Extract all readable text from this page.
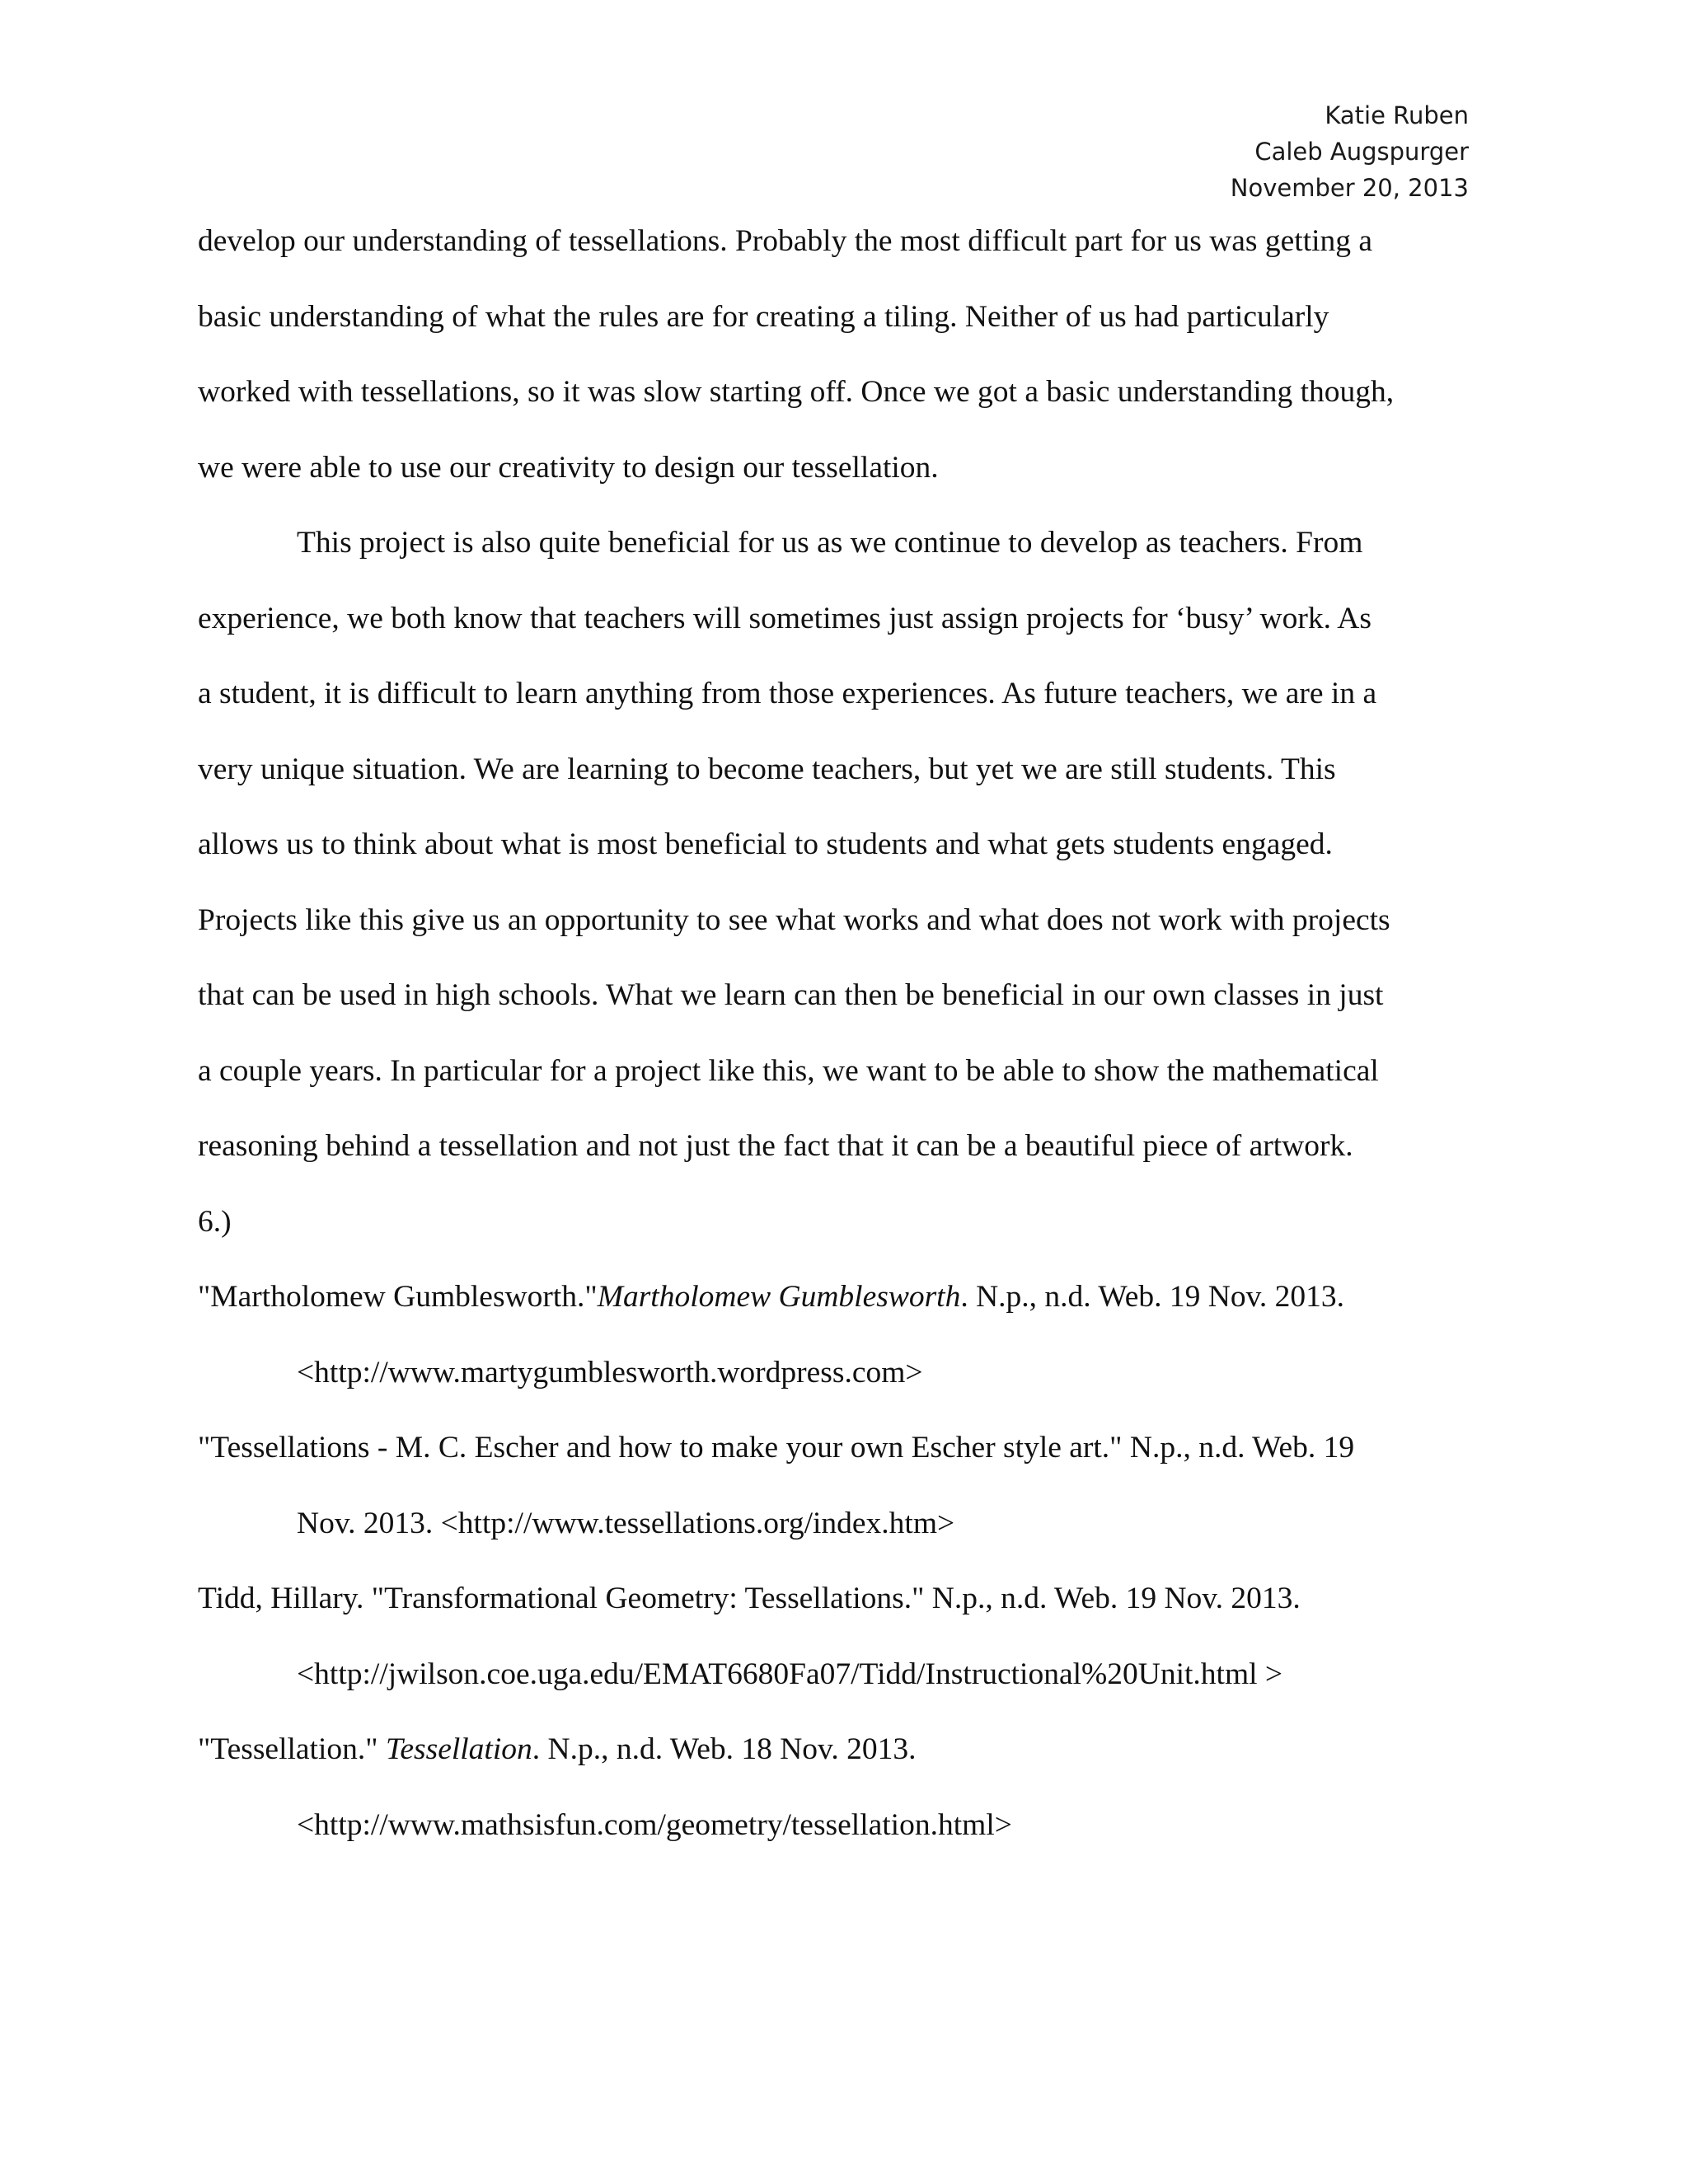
Katie Ruben
Caleb Augspurger
November 20, 2013
develop our understanding of tessellations. Probably the most difficult part for us was getting a
basic understanding of what the rules are for creating a tiling. Neither of us had particularly
worked with tessellations, so it was slow starting off. Once we got a basic understanding though,
we were able to use our creativity to design our tessellation.
This project is also quite beneficial for us as we continue to develop as teachers. From
experience, we both know that teachers will sometimes just assign projects for ‘busy’ work. As
a student, it is difficult to learn anything from those experiences. As future teachers, we are in a
very unique situation. We are learning to become teachers, but yet we are still students. This
allows us to think about what is most beneficial to students and what gets students engaged.
Projects like this give us an opportunity to see what works and what does not work with projects
that can be used in high schools. What we learn can then be beneficial in our own classes in just
a couple years. In particular for a project like this, we want to be able to show the mathematical
reasoning behind a tessellation and not just the fact that it can be a beautiful piece of artwork.
6.)
"Martholomew Gumblesworth."Martholomew Gumblesworth. N.p., n.d. Web. 19 Nov. 2013.
<http://www.martygumblesworth.wordpress.com>
"Tessellations - M. C. Escher and how to make your own Escher style art." N.p., n.d. Web. 19
Nov. 2013. <http://www.tessellations.org/index.htm>
Tidd, Hillary. "Transformational Geometry: Tessellations." N.p., n.d. Web. 19 Nov. 2013.
<http://jwilson.coe.uga.edu/EMAT6680Fa07/Tidd/Instructional%20Unit.html >
"Tessellation." Tessellation. N.p., n.d. Web. 18 Nov. 2013.
<http://www.mathsisfun.com/geometry/tessellation.html>
